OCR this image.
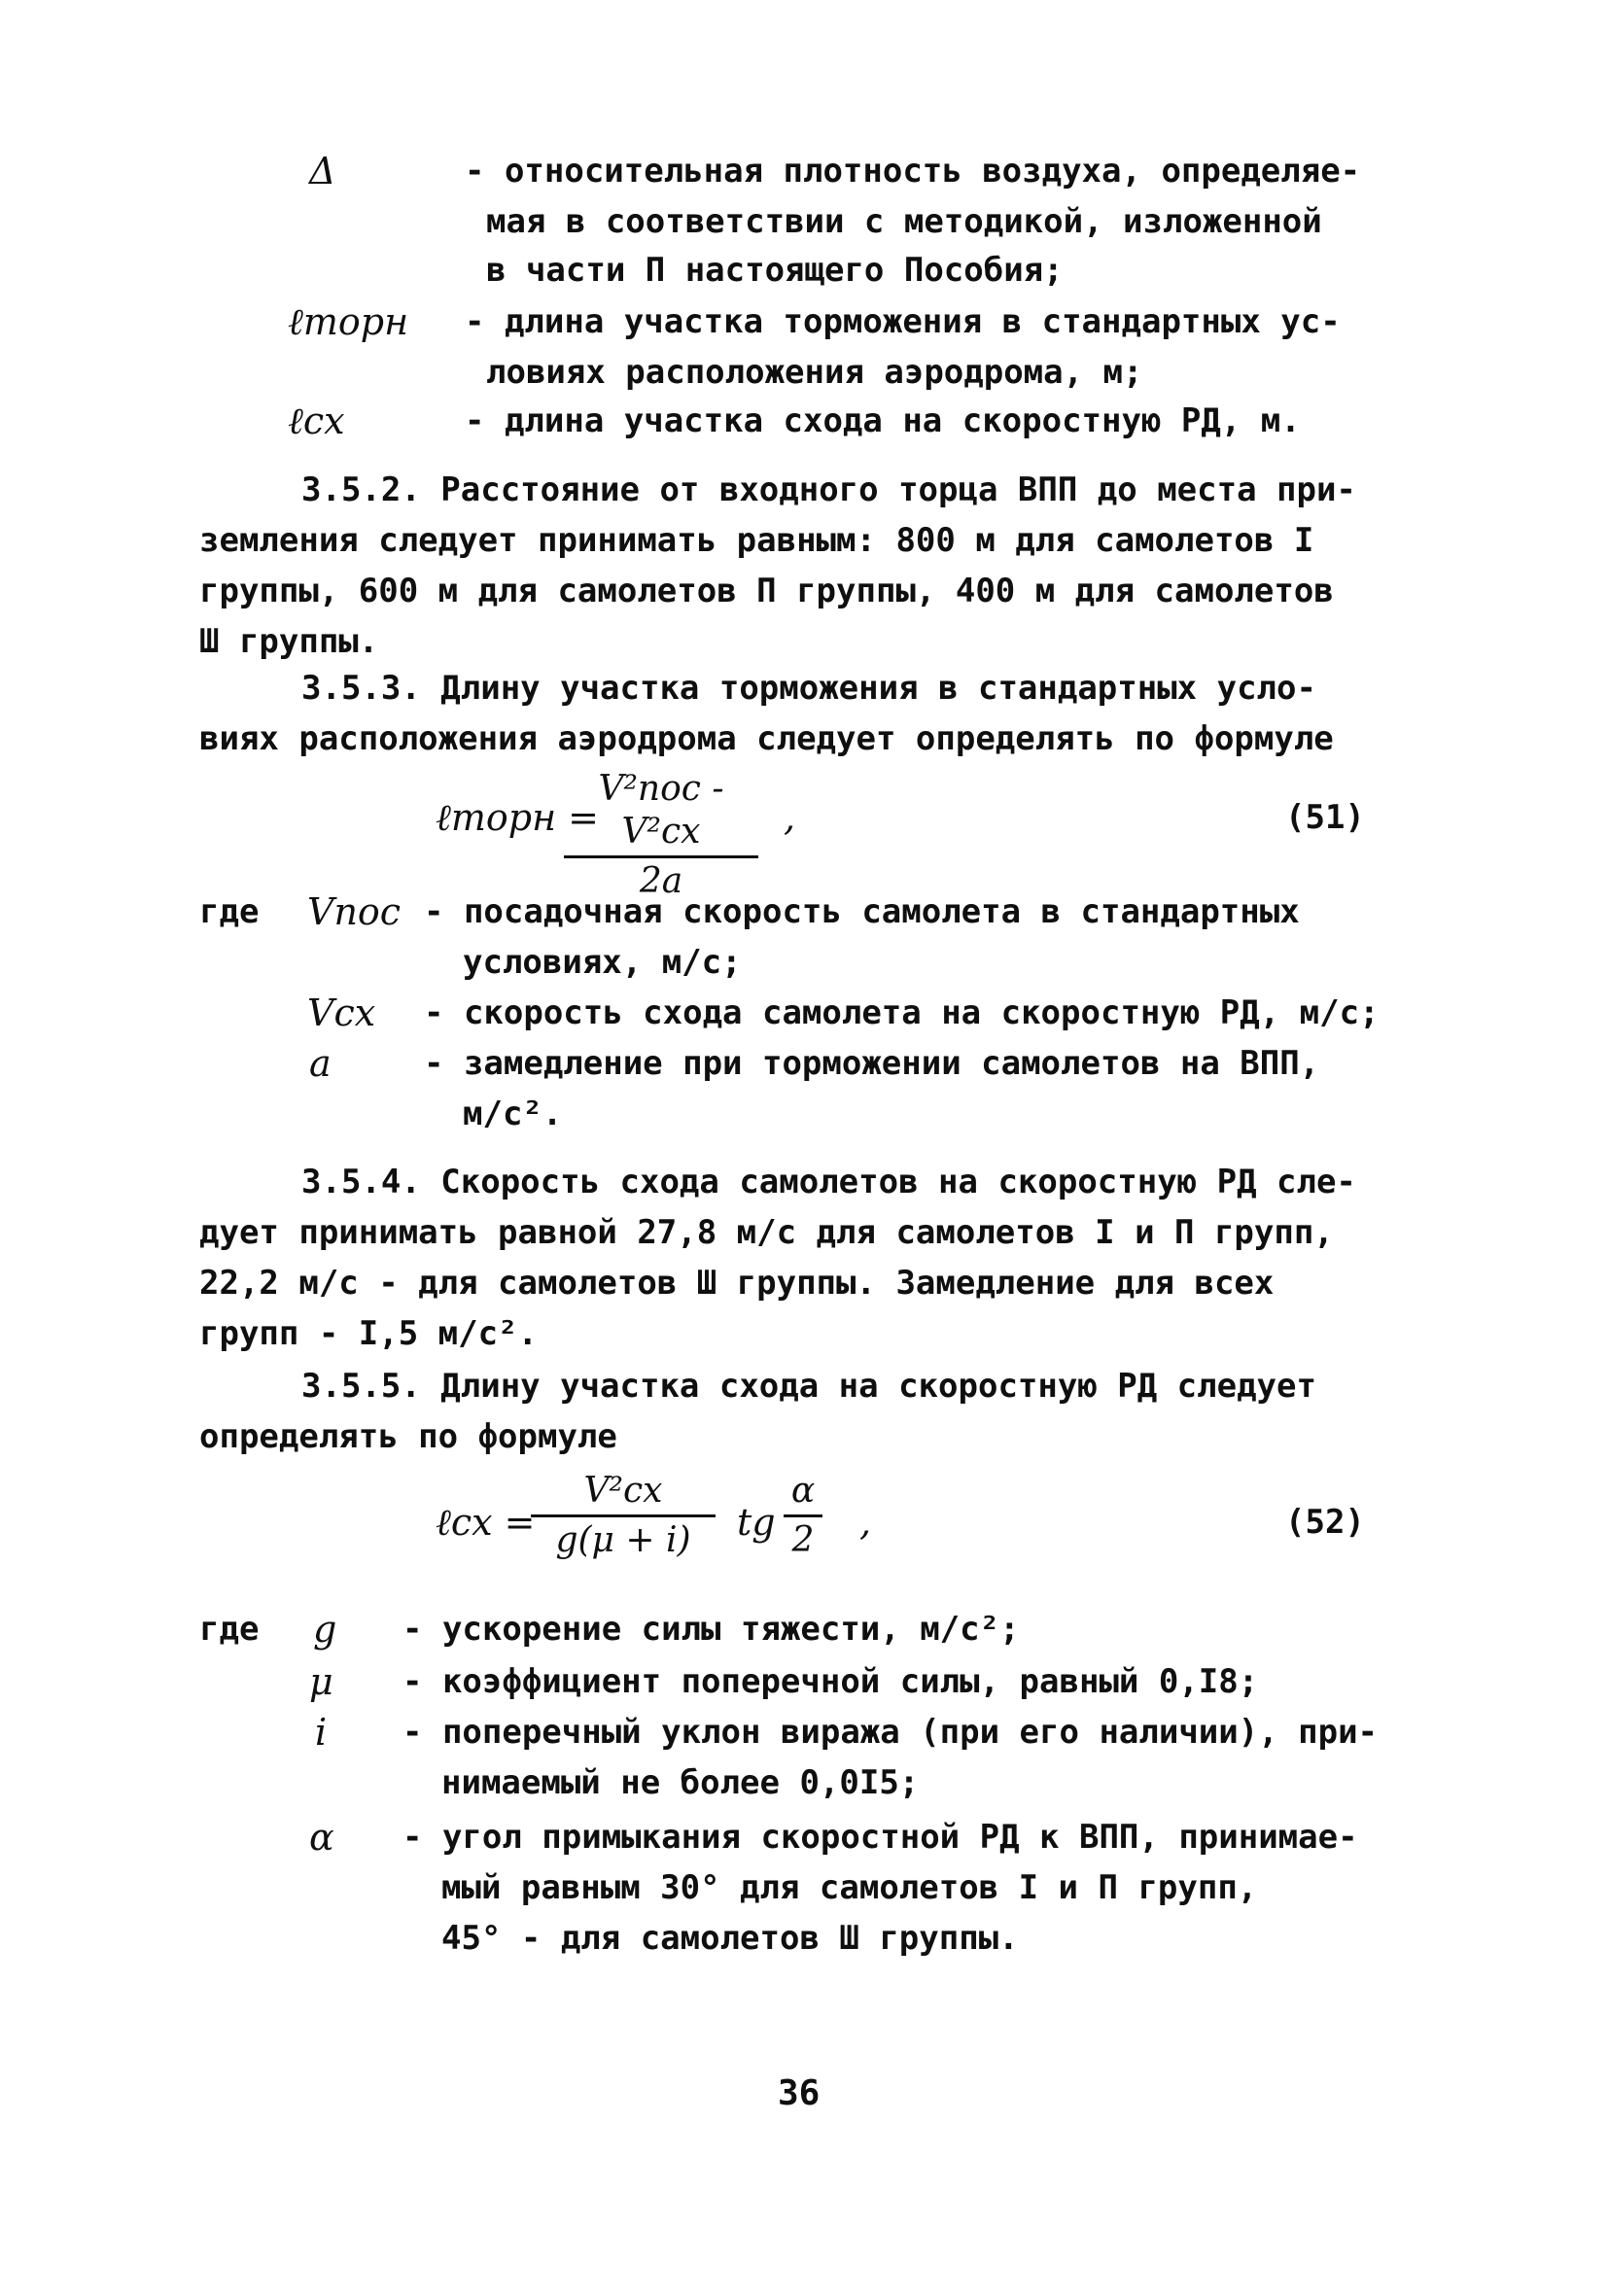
Δ	- относительная плотность воздуха, определяе-
мая в соответствии с методикой, изложенной
в части П настоящего Пособия;
ℓторн - длина участка торможения в стандартных ус-
ловиях расположения аэродрома, м;
ℓсх	- длина участка схода на скоростную РД, м.
3.5.2. Расстояние от входного торца ВПП до места при-
земления следует принимать равным: 800 м для самолетов I
группы, 600 м для самолетов П группы, 400 м для самолетов
Ш группы.
3.5.3. Длину участка торможения в стандартных усло-
виях расположения аэродрома следует определять по формуле
ℓторн =
V²пос - V²сх
2a
,	(51)
где Vпос - посадочная скорость самолета в стандартных
условиях, м/с;
Vсх - скорость схода самолета на скоростную РД, м/с;
a	- замедление при торможении самолетов на ВПП,
м/с².
3.5.4. Скорость схода самолетов на скоростную РД сле-
дует принимать равной 27,8 м/с для самолетов I и П групп,
22,2 м/с - для самолетов Ш группы. Замедление для всех
групп - I,5 м/с².
3.5.5. Длину участка схода на скоростную РД следует
определять по формуле
ℓсх =
V²сх
g(μ + i)	tg
α
2 ,	(52)
где g - ускорение силы тяжести, м/с²;
μ - коэффициент поперечной силы, равный 0,I8;
i - поперечный уклон виража (при его наличии), при-
нимаемый не более 0,0I5;
α - угол примыкания скоростной РД к ВПП, принимае-
мый равным 30° для самолетов I и П групп,
45° - для самолетов Ш группы.
36
